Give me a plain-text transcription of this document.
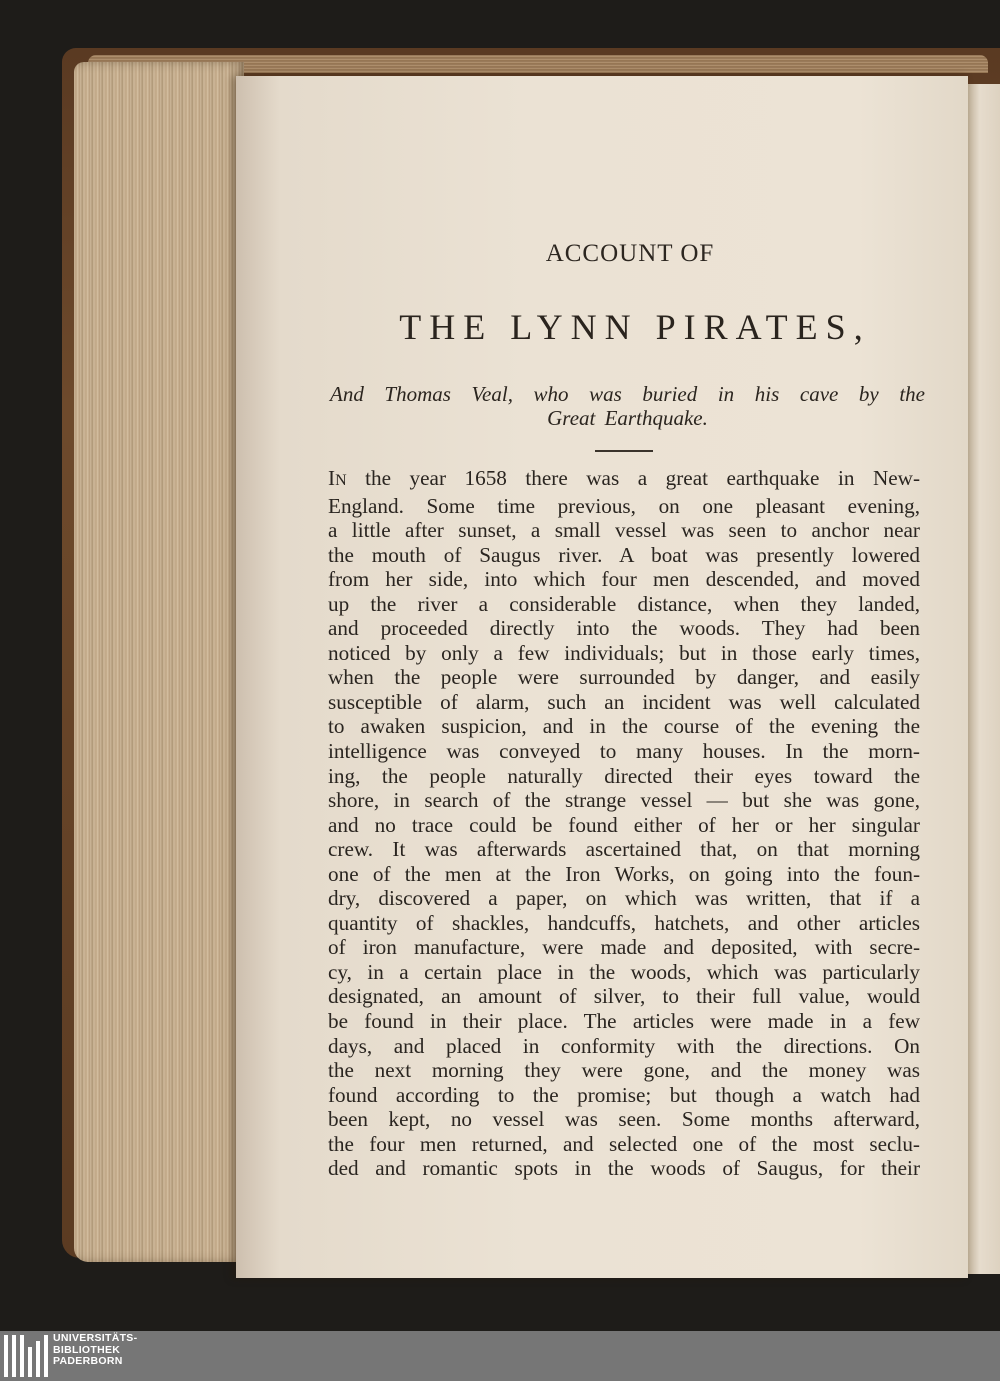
ACCOUNT OF
THE LYNN PIRATES,
And Thomas Veal, who was buried in his cave by the
Great Earthquake.
IN the year 1658 there was a great earthquake in New-
England. Some time previous, on one pleasant evening,
a little after sunset, a small vessel was seen to anchor near
the mouth of Saugus river. A boat was presently lowered
from her side, into which four men descended, and moved
up the river a considerable distance, when they landed,
and proceeded directly into the woods. They had been
noticed by only a few individuals; but in those early times,
when the people were surrounded by danger, and easily
susceptible of alarm, such an incident was well calculated
to awaken suspicion, and in the course of the evening the
intelligence was conveyed to many houses. In the morn-
ing, the people naturally directed their eyes toward the
shore, in search of the strange vessel — but she was gone,
and no trace could be found either of her or her singular
crew. It was afterwards ascertained that, on that morning
one of the men at the Iron Works, on going into the foun-
dry, discovered a paper, on which was written, that if a
quantity of shackles, handcuffs, hatchets, and other articles
of iron manufacture, were made and deposited, with secre-
cy, in a certain place in the woods, which was particularly
designated, an amount of silver, to their full value, would
be found in their place. The articles were made in a few
days, and placed in conformity with the directions. On
the next morning they were gone, and the money was
found according to the promise; but though a watch had
been kept, no vessel was seen. Some months afterward,
the four men returned, and selected one of the most seclu-
ded and romantic spots in the woods of Saugus, for their
UNIVERSITÄTS-
BIBLIOTHEK
PADERBORN
